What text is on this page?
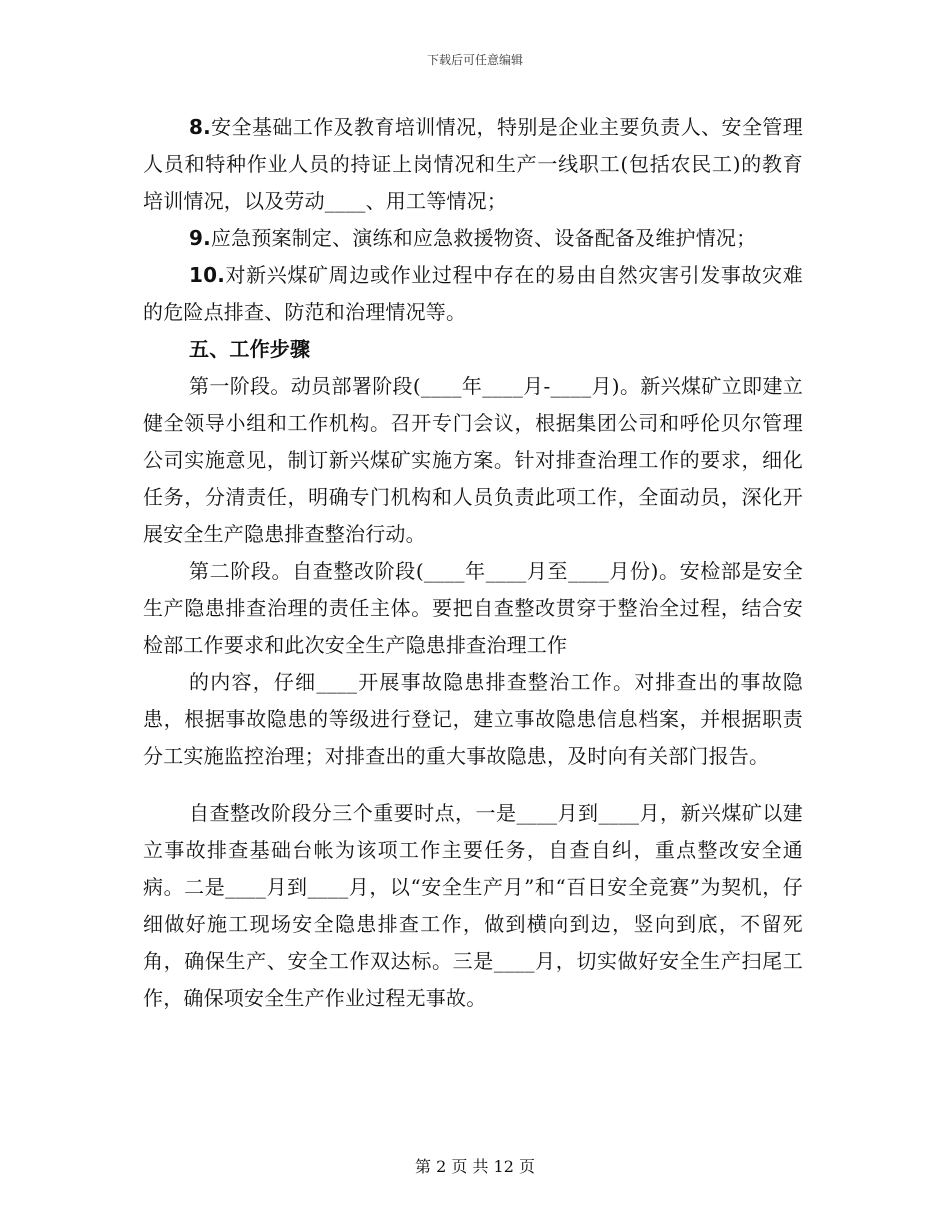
下载后可任意编辑

8.安全基础工作及教育培训情况，特别是企业主要负责人、安全管理人员和特种作业人员的持证上岗情况和生产一线职工(包括农民工)的教育培训情况，以及劳动____、用工等情况；

9.应急预案制定、演练和应急救援物资、设备配备及维护情况；

10.对新兴煤矿周边或作业过程中存在的易由自然灾害引发事故灾难的危险点排查、防范和治理情况等。

五、工作步骤

第一阶段。动员部署阶段(____年____月-____月)。新兴煤矿立即建立健全领导小组和工作机构。召开专门会议，根据集团公司和呼伦贝尔管理公司实施意见，制订新兴煤矿实施方案。针对排查治理工作的要求，细化任务，分清责任，明确专门机构和人员负责此项工作，全面动员，深化开展安全生产隐患排查整治行动。

第二阶段。自查整改阶段(____年____月至____月份)。安检部是安全生产隐患排查治理的责任主体。要把自查整改贯穿于整治全过程，结合安检部工作要求和此次安全生产隐患排查治理工作

的内容，仔细____开展事故隐患排查整治工作。对排查出的事故隐患，根据事故隐患的等级进行登记，建立事故隐患信息档案，并根据职责分工实施监控治理；对排查出的重大事故隐患，及时向有关部门报告。

自查整改阶段分三个重要时点，一是____月到____月，新兴煤矿以建立事故排查基础台帐为该项工作主要任务，自查自纠，重点整改安全通病。二是____月到____月，以“安全生产月”和“百日安全竞赛”为契机，仔细做好施工现场安全隐患排查工作，做到横向到边，竖向到底，不留死角，确保生产、安全工作双达标。三是____月，切实做好安全生产扫尾工作，确保项安全生产作业过程无事故。

第 2 页 共 12 页
